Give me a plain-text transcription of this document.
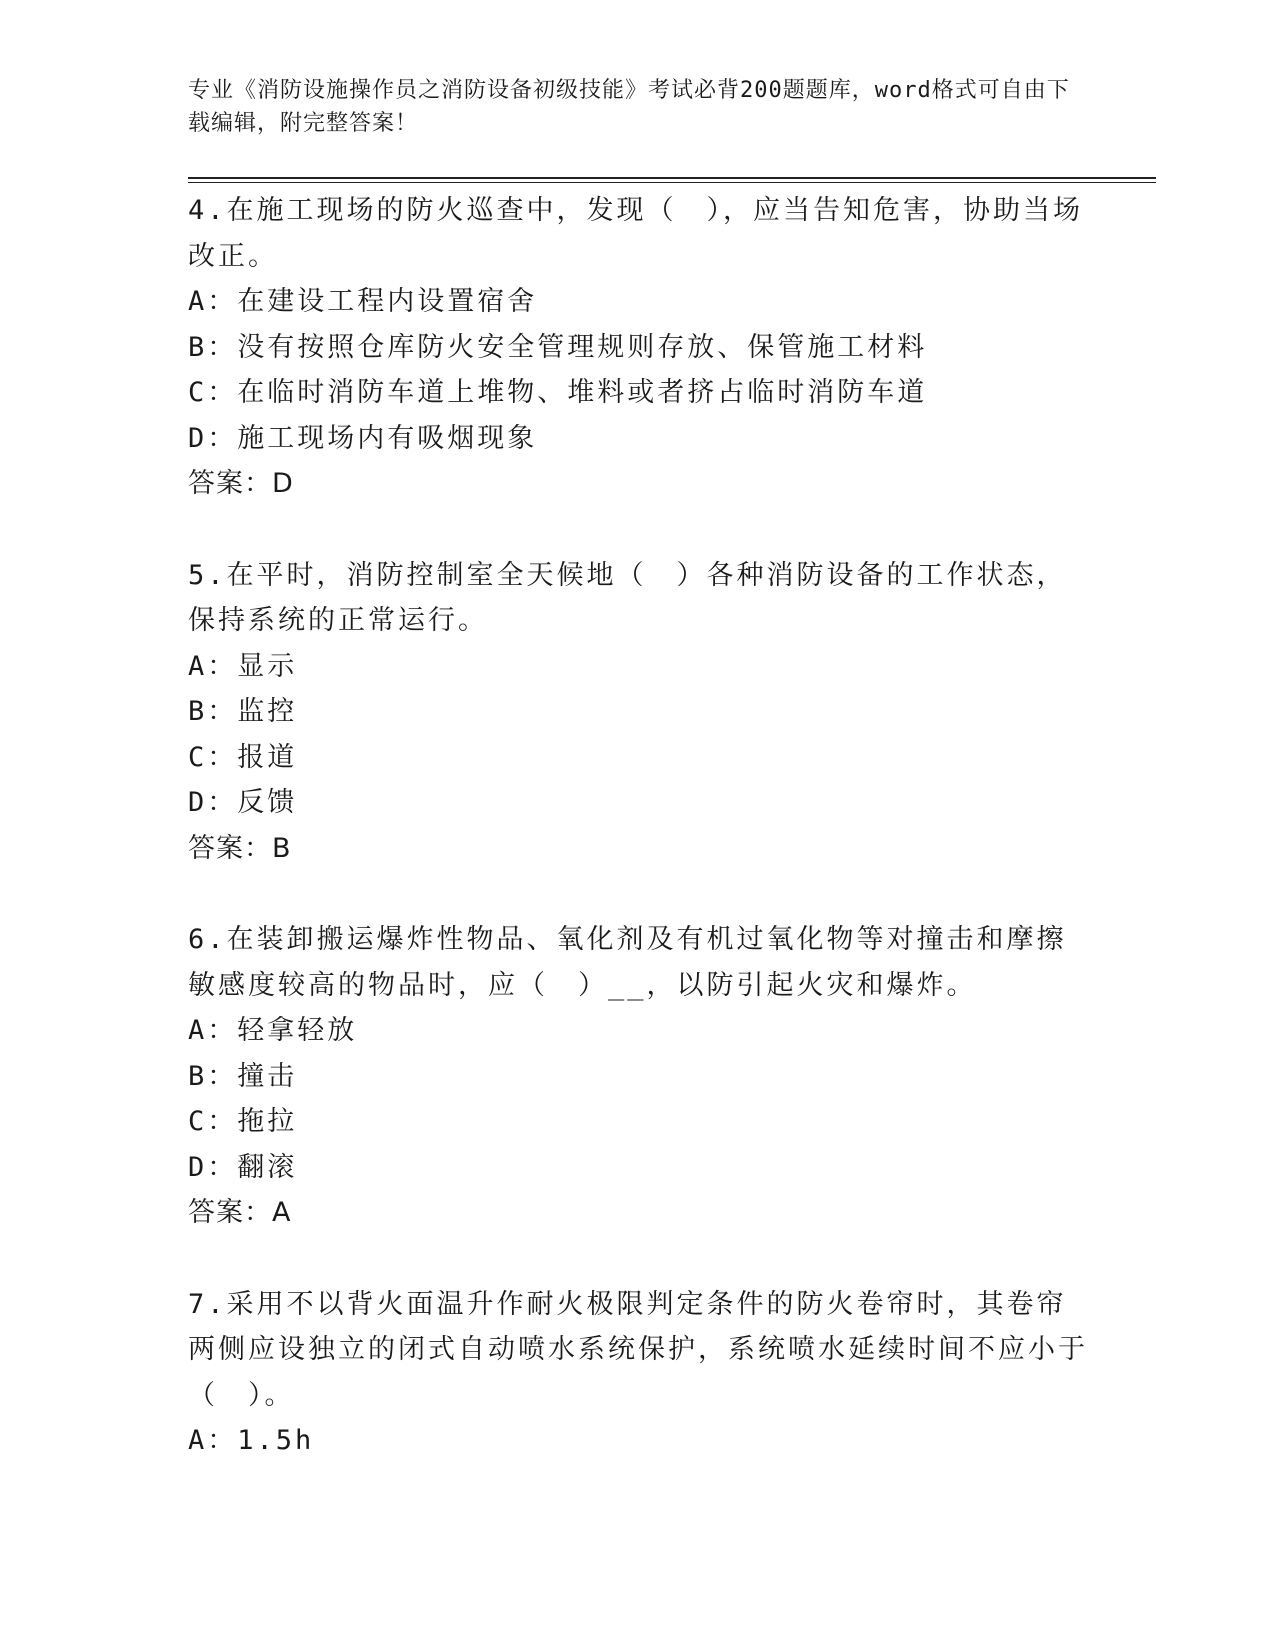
专业《消防设施操作员之消防设备初级技能》考试必背200题题库，word格式可自由下载编辑，附完整答案！

4.在施工现场的防火巡查中，发现（　），应当告知危害，协助当场改正。

A：在建设工程内设置宿舍

B：没有按照仓库防火安全管理规则存放、保管施工材料

C：在临时消防车道上堆物、堆料或者挤占临时消防车道

D：施工现场内有吸烟现象

答案：D

5.在平时，消防控制室全天候地（　）各种消防设备的工作状态，保持系统的正常运行。

A：显示

B：监控

C：报道

D：反馈

答案：B

6.在装卸搬运爆炸性物品、氧化剂及有机过氧化物等对撞击和摩擦敏感度较高的物品时，应（　）__，以防引起火灾和爆炸。

A：轻拿轻放

B：撞击

C：拖拉

D：翻滚

答案：A

7.采用不以背火面温升作耐火极限判定条件的防火卷帘时，其卷帘两侧应设独立的闭式自动喷水系统保护，系统喷水延续时间不应小于（　）。

A：1.5h
